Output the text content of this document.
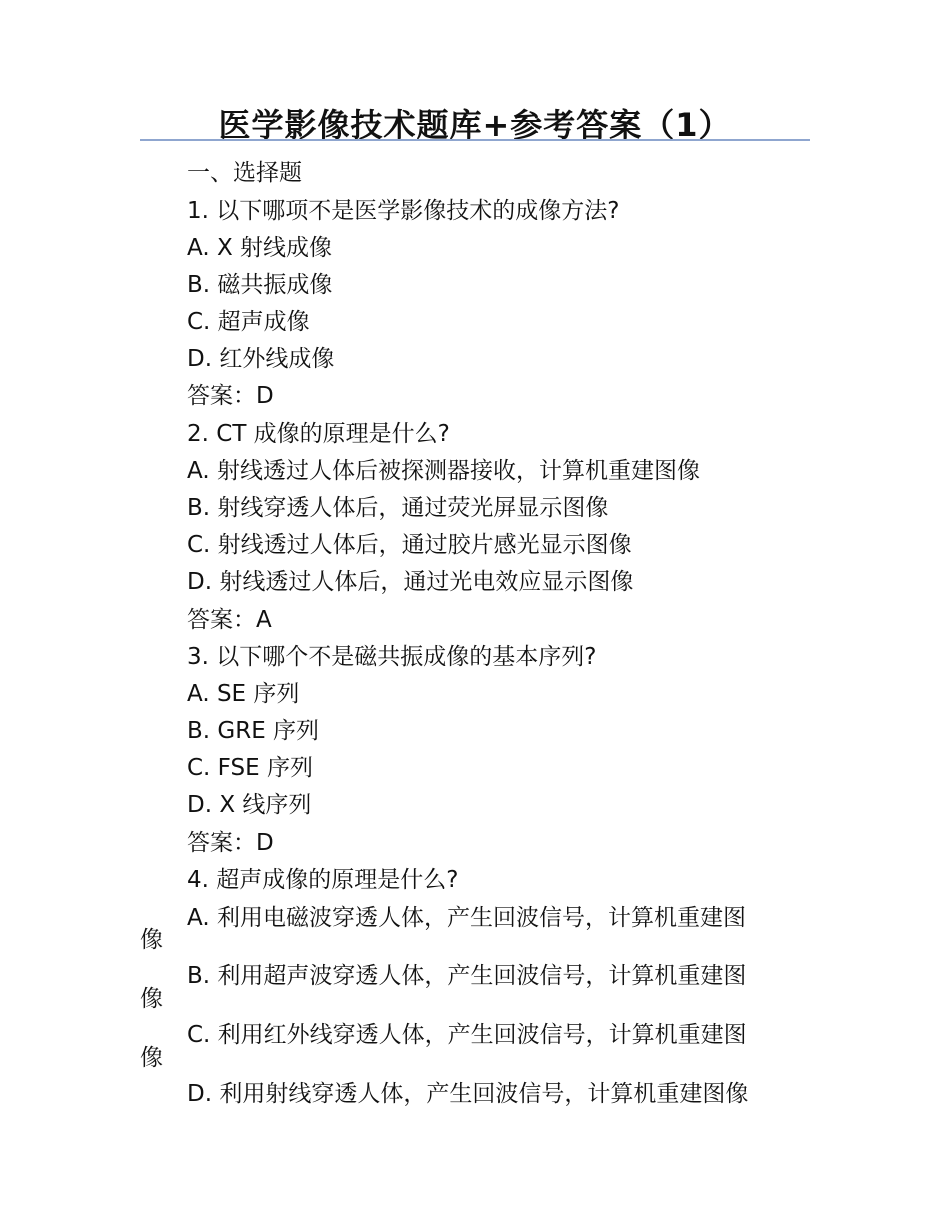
医学影像技术题库+参考答案（1）
一、选择题
1. 以下哪项不是医学影像技术的成像方法?
A. X 射线成像
B. 磁共振成像
C. 超声成像
D. 红外线成像
答案：D
2. CT 成像的原理是什么?
A. 射线透过人体后被探测器接收，计算机重建图像
B. 射线穿透人体后，通过荧光屏显示图像
C. 射线透过人体后，通过胶片感光显示图像
D. 射线透过人体后，通过光电效应显示图像
答案：A
3. 以下哪个不是磁共振成像的基本序列?
A. SE 序列
B. GRE 序列
C. FSE 序列
D. X 线序列
答案：D
4. 超声成像的原理是什么?
A. 利用电磁波穿透人体，产生回波信号，计算机重建图
像
B. 利用超声波穿透人体，产生回波信号，计算机重建图
像
C. 利用红外线穿透人体，产生回波信号，计算机重建图
像
D. 利用射线穿透人体，产生回波信号，计算机重建图像
